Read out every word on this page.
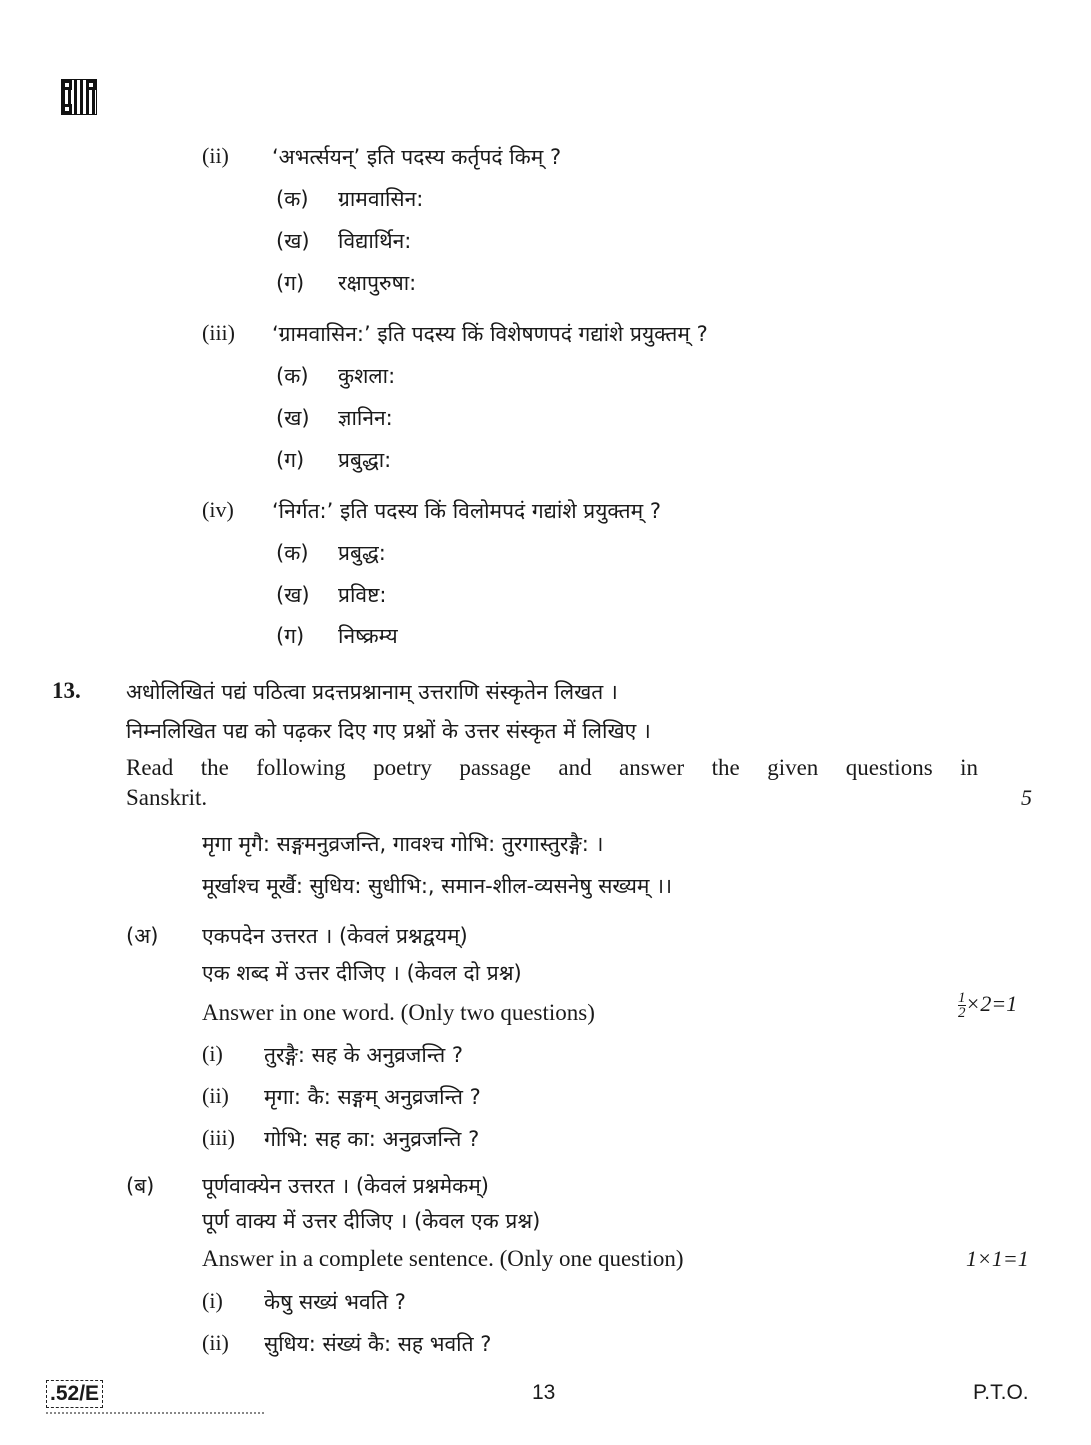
(ii) ‘अभर्त्सयन्’ इति पदस्य कर्तृपदं किम् ?
(क) ग्रामवासिन:
(ख) विद्यार्थिन:
(ग) रक्षापुरुषा:
(iii) ‘ग्रामवासिन:’ इति पदस्य किं विशेषणपदं गद्यांशे प्रयुक्तम् ?
(क) कुशला:
(ख) ज्ञानिन:
(ग) प्रबुद्धा:
(iv) ‘निर्गत:’ इति पदस्य किं विलोमपदं गद्यांशे प्रयुक्तम् ?
(क) प्रबुद्ध:
(ख) प्रविष्ट:
(ग) निष्क्रम्य
13. अधोलिखितं पद्यं पठित्वा प्रदत्तप्रश्नानाम् उत्तराणि संस्कृतेन लिखत ।
निम्नलिखित पद्य को पढ़कर दिए गए प्रश्नों के उत्तर संस्कृत में लिखिए ।
Read the following poetry passage and answer the given questions in
Sanskrit.	5
मृगा मृगै: सङ्गमनुव्रजन्ति, गावश्च गोभि: तुरगास्तुरङ्गै: ।
मूर्खाश्च मूर्खै: सुधिय: सुधीभि:, समान-शील-व्यसनेषु सख्यम् ।।
(अ) एकपदेन उत्तरत । (केवलं प्रश्नद्वयम्)
एक शब्द में उत्तर दीजिए । (केवल दो प्रश्न)
Answer in one word. (Only two questions)	$\frac{1}{2} \times 2=1$
(i) तुरङ्गै: सह के अनुव्रजन्ति ?
(ii) मृगा: कै: सङ्गम् अनुव्रजन्ति ?
(iii) गोभि: सह का: अनुव्रजन्ति ?
(ब) पूर्णवाक्येन उत्तरत । (केवलं प्रश्नमेकम्)
पूर्ण वाक्य में उत्तर दीजिए । (केवल एक प्रश्न)
Answer in a complete sentence. (Only one question)	1×1=1
(i) केषु सख्यं भवति ?
(ii) सुधिय: संख्यं कै: सह भवति ?
.52/E	13	P.T.O.
